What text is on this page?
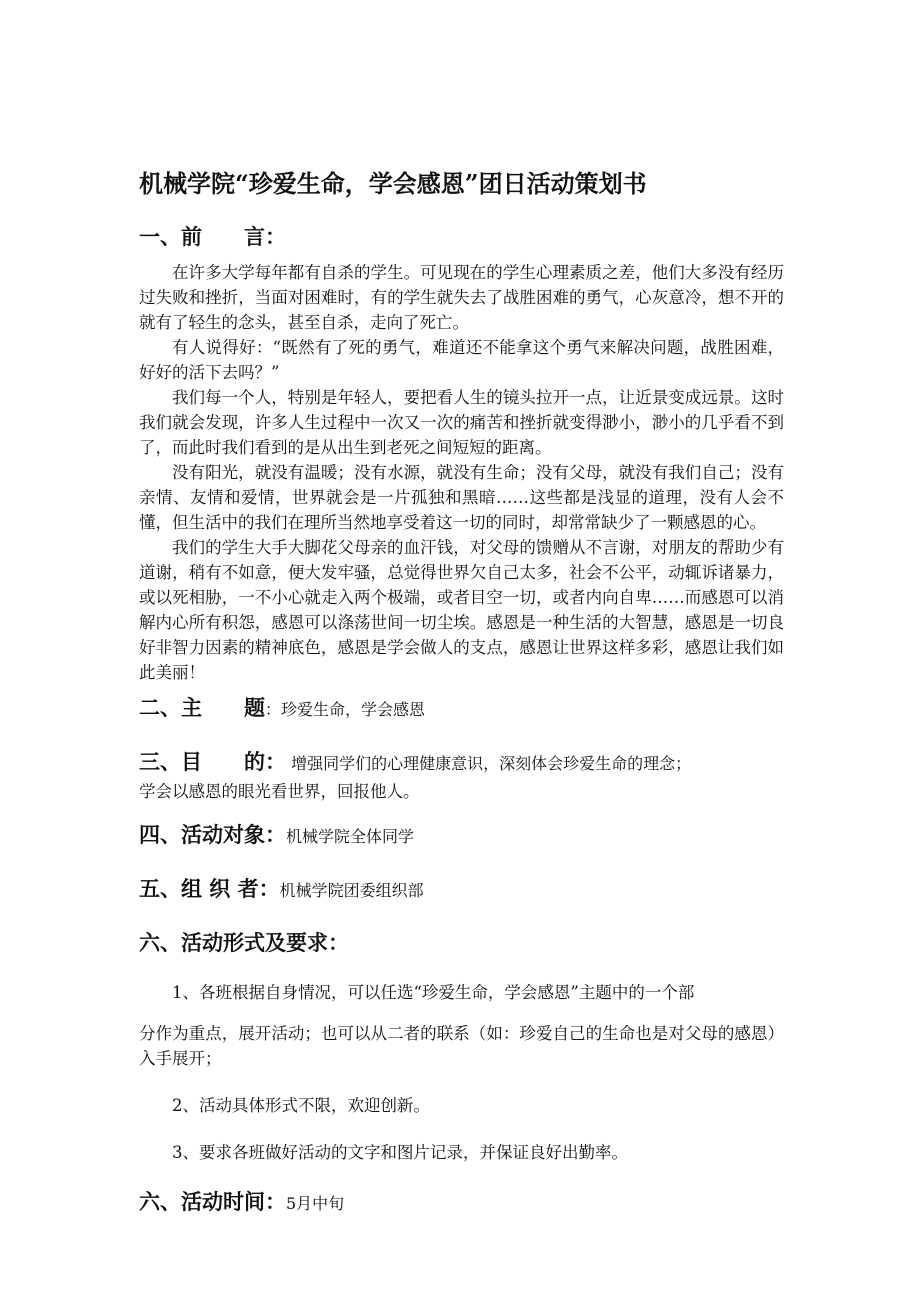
机械学院“珍爱生命，学会感恩”团日活动策划书
一、前　　言：

在许多大学每年都有自杀的学生。可见现在的学生心理素质之差，他们大多没有经历过失败和挫折，当面对困难时，有的学生就失去了战胜困难的勇气，心灰意冷，想不开的就有了轻生的念头，甚至自杀，走向了死亡。

有人说得好：“既然有了死的勇气，难道还不能拿这个勇气来解决问题，战胜困难，好好的活下去吗？”

我们每一个人，特别是年轻人，要把看人生的镜头拉开一点，让近景变成远景。这时我们就会发现，许多人生过程中一次又一次的痛苦和挫折就变得渺小，渺小的几乎看不到了，而此时我们看到的是从出生到老死之间短短的距离。

没有阳光，就没有温暖；没有水源，就没有生命；没有父母，就没有我们自己；没有亲情、友情和爱情，世界就会是一片孤独和黑暗……这些都是浅显的道理，没有人会不懂，但生活中的我们在理所当然地享受着这一切的同时，却常常缺少了一颗感恩的心。

我们的学生大手大脚花父母亲的血汗钱，对父母的馈赠从不言谢，对朋友的帮助少有道谢，稍有不如意，便大发牢骚，总觉得世界欠自己太多，社会不公平，动辄诉诸暴力，或以死相胁，一不小心就走入两个极端，或者目空一切，或者内向自卑……而感恩可以消解内心所有积怨，感恩可以涤荡世间一切尘埃。感恩是一种生活的大智慧，感恩是一切良好非智力因素的精神底色，感恩是学会做人的支点，感恩让世界这样多彩，感恩让我们如此美丽！

二、主　　题：珍爱生命，学会感恩
三、目　　的： 增强同学们的心理健康意识，深刻体会珍爱生命的理念；

学会以感恩的眼光看世界，回报他人。

四、活动对象：机械学院全体同学
五、组 织 者：机械学院团委组织部
六、活动形式及要求：

1、各班根据自身情况，可以任选“珍爱生命，学会感恩”主题中的一个部

分作为重点，展开活动；也可以从二者的联系（如：珍爱自己的生命也是对父母的感恩）入手展开；

2、活动具体形式不限，欢迎创新。

3、要求各班做好活动的文字和图片记录，并保证良好出勤率。

六、活动时间：5月中旬
